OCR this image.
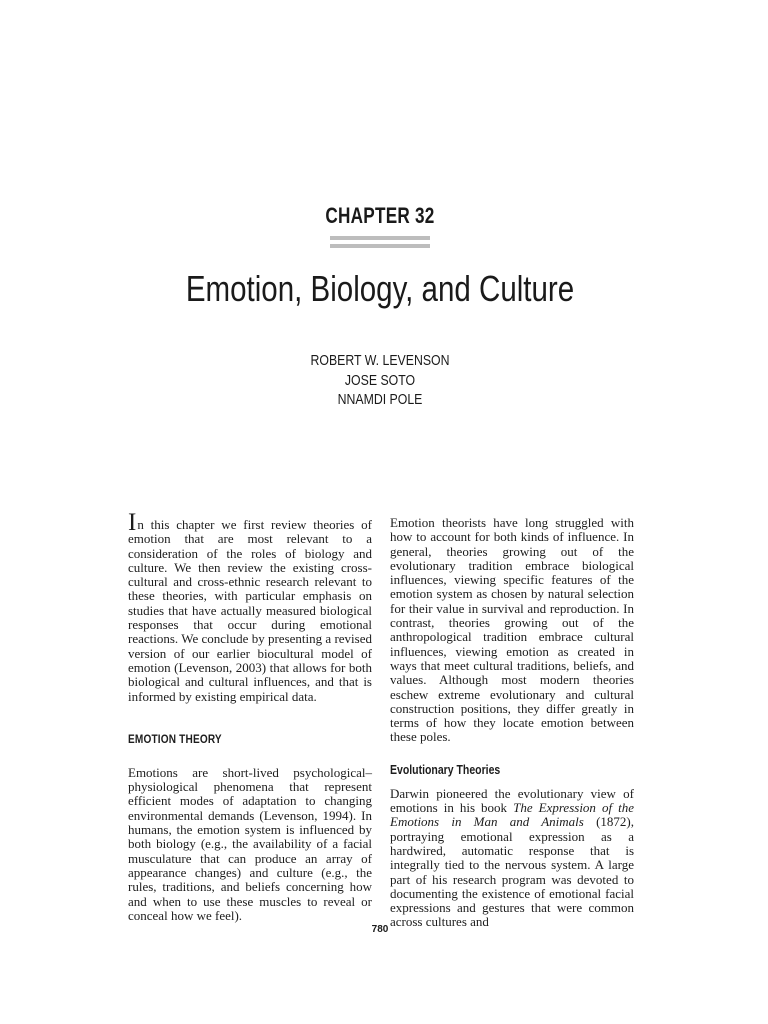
CHAPTER 32
Emotion, Biology, and Culture
ROBERT W. LEVENSON
JOSE SOTO
NNAMDI POLE

In this chapter we first review theories of emotion that are most relevant to a consideration of the roles of biology and culture. We then review the existing cross-cultural and cross-ethnic research relevant to these theories, with particular emphasis on studies that have actually measured biological responses that occur during emotional reactions. We conclude by presenting a revised version of our earlier biocultural model of emotion (Levenson, 2003) that allows for both biological and cultural influences, and that is informed by existing empirical data.

EMOTION THEORY

Emotions are short-lived psychological–physiological phenomena that represent efficient modes of adaptation to changing environmental demands (Levenson, 1994). In humans, the emotion system is influenced by both biology (e.g., the availability of a facial musculature that can produce an array of appearance changes) and culture (e.g., the rules, traditions, and beliefs concerning how and when to use these muscles to reveal or conceal how we feel).

Emotion theorists have long struggled with how to account for both kinds of influence. In general, theories growing out of the evolutionary tradition embrace biological influences, viewing specific features of the emotion system as chosen by natural selection for their value in survival and reproduction. In contrast, theories growing out of the anthropological tradition embrace cultural influences, viewing emotion as created in ways that meet cultural traditions, beliefs, and values. Although most modern theories eschew extreme evolutionary and cultural construction positions, they differ greatly in terms of how they locate emotion between these poles.

Evolutionary Theories

Darwin pioneered the evolutionary view of emotions in his book The Expression of the Emotions in Man and Animals (1872), portraying emotional expression as a hardwired, automatic response that is integrally tied to the nervous system. A large part of his research program was devoted to documenting the existence of emotional facial expressions and gestures that were common across cultures and

780
